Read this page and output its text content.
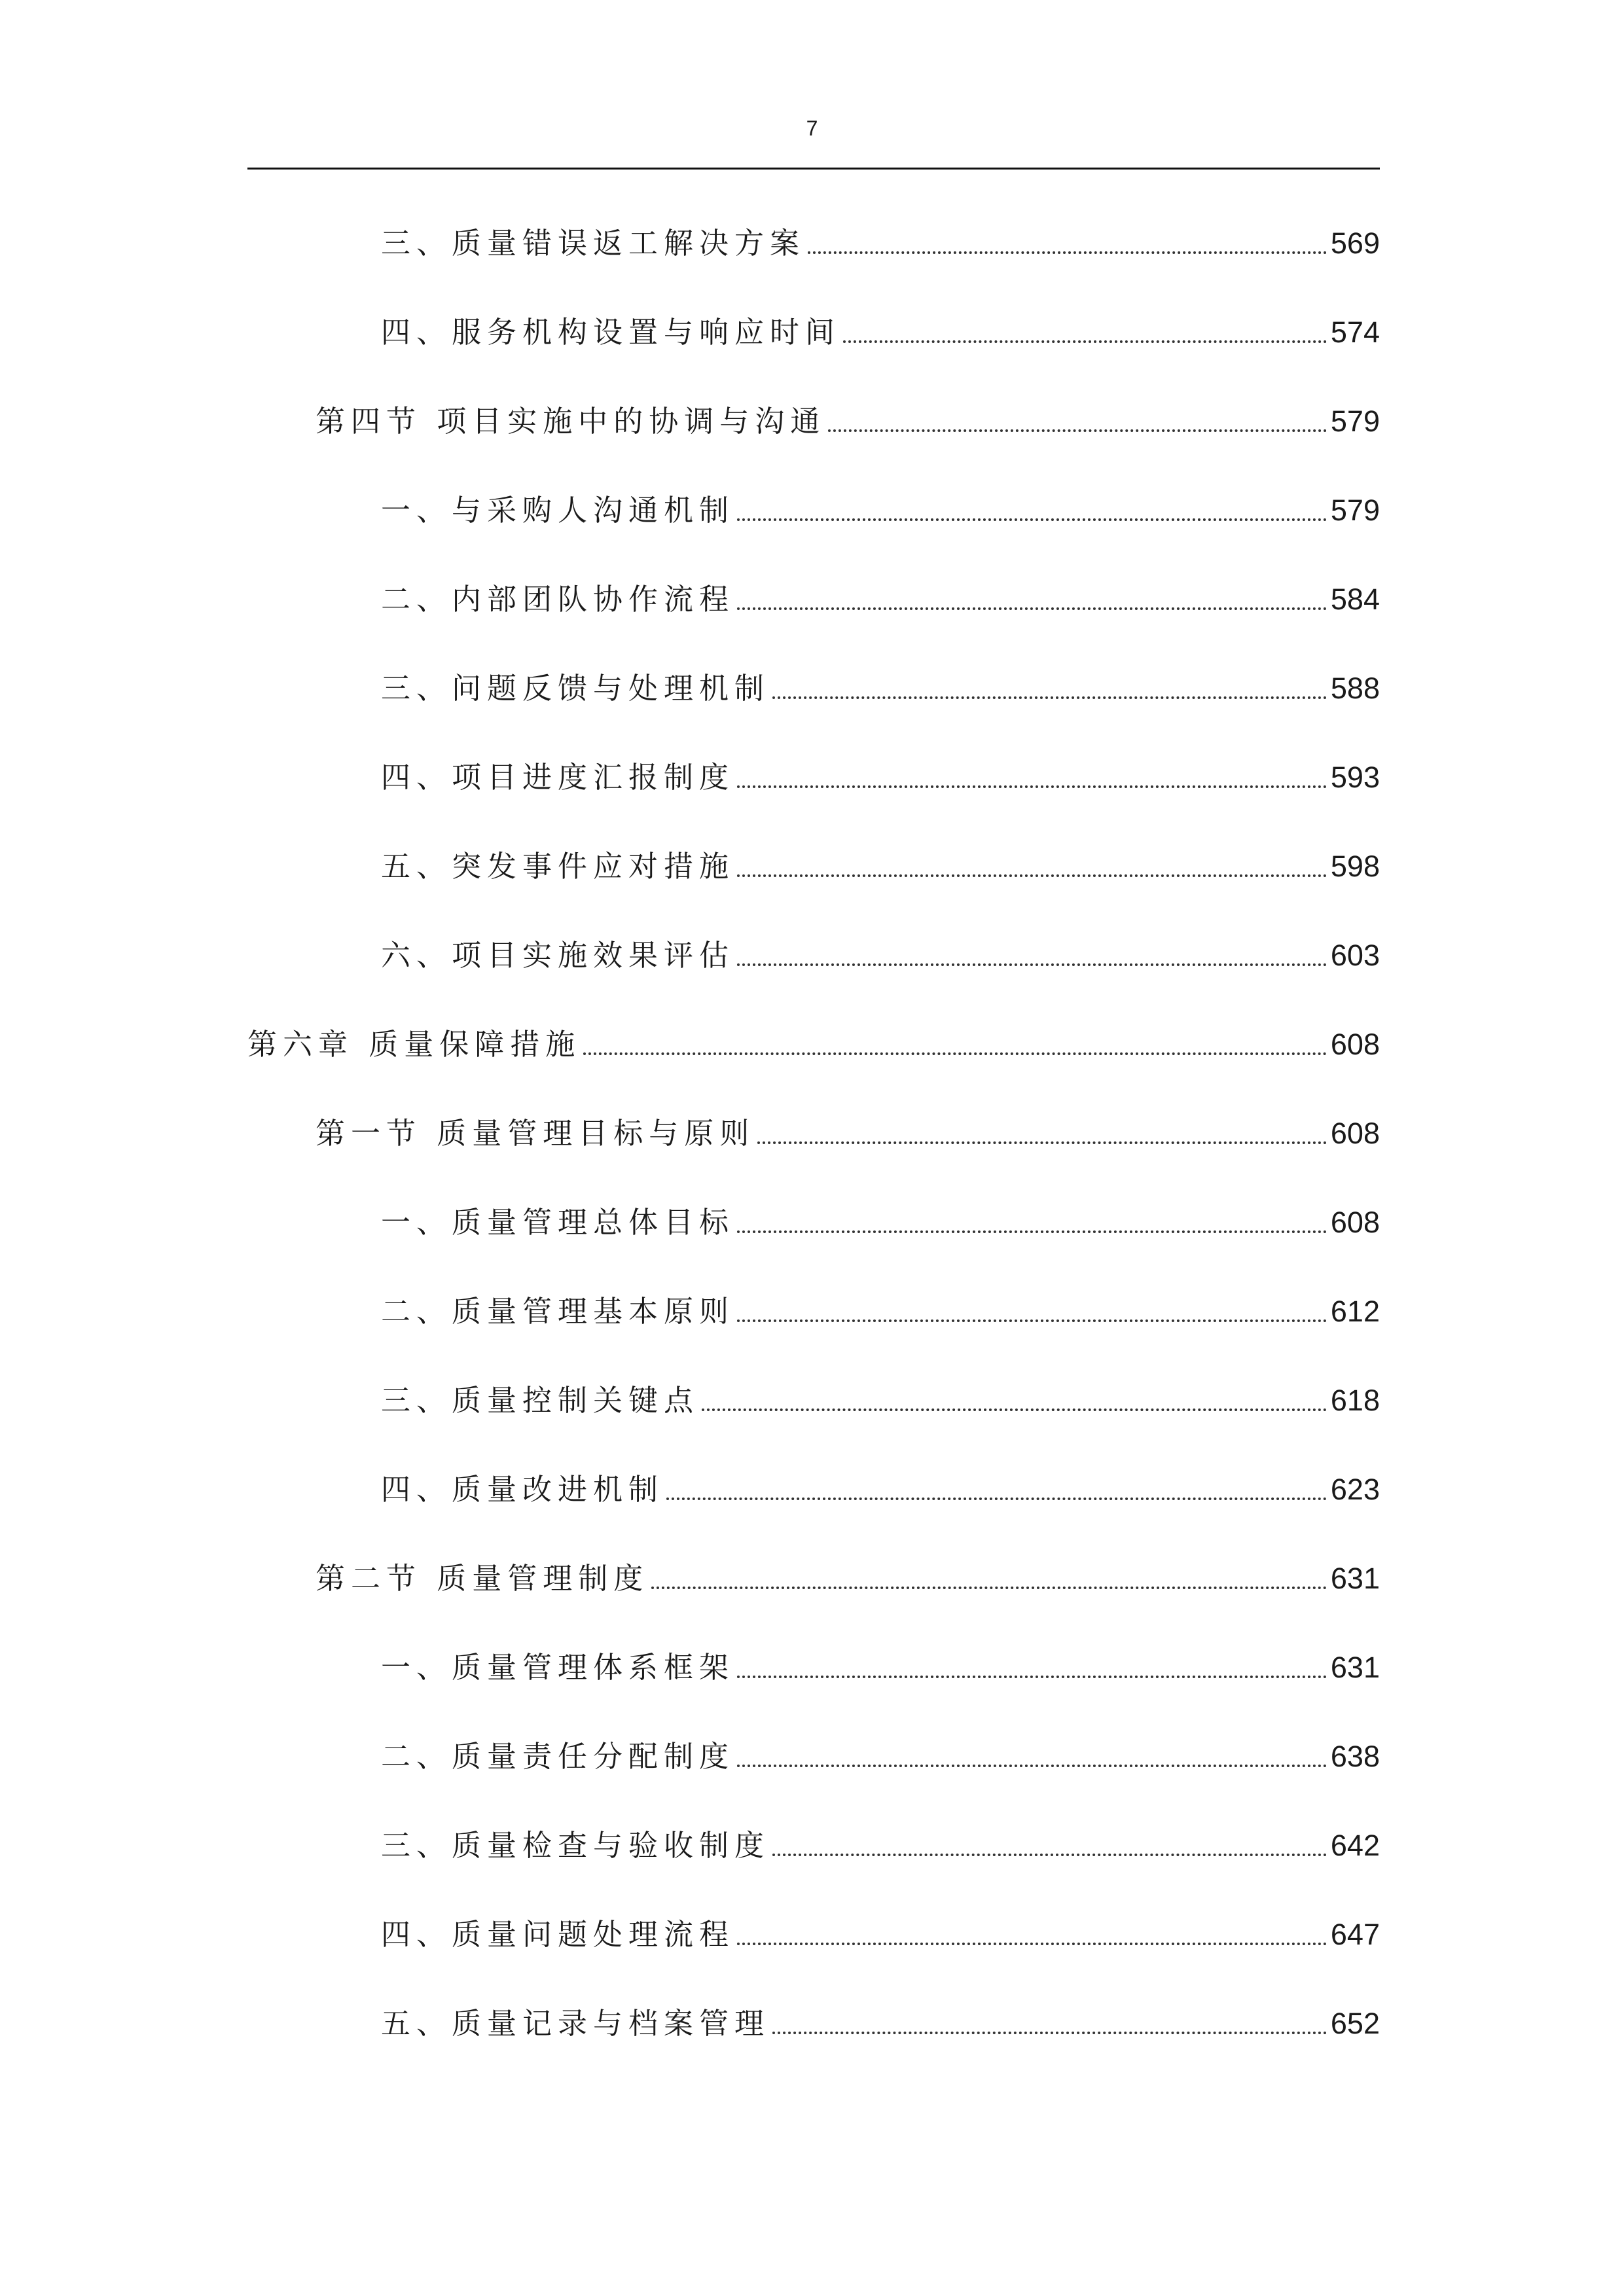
7
三、质量错误返工解决方案	569
四、服务机构设置与响应时间	574
第四节 项目实施中的协调与沟通	579
一、与采购人沟通机制	579
二、内部团队协作流程	584
三、问题反馈与处理机制	588
四、项目进度汇报制度	593
五、突发事件应对措施	598
六、项目实施效果评估	603
第六章 质量保障措施	608
第一节 质量管理目标与原则	608
一、质量管理总体目标	608
二、质量管理基本原则	612
三、质量控制关键点	618
四、质量改进机制	623
第二节 质量管理制度	631
一、质量管理体系框架	631
二、质量责任分配制度	638
三、质量检查与验收制度	642
四、质量问题处理流程	647
五、质量记录与档案管理	652
